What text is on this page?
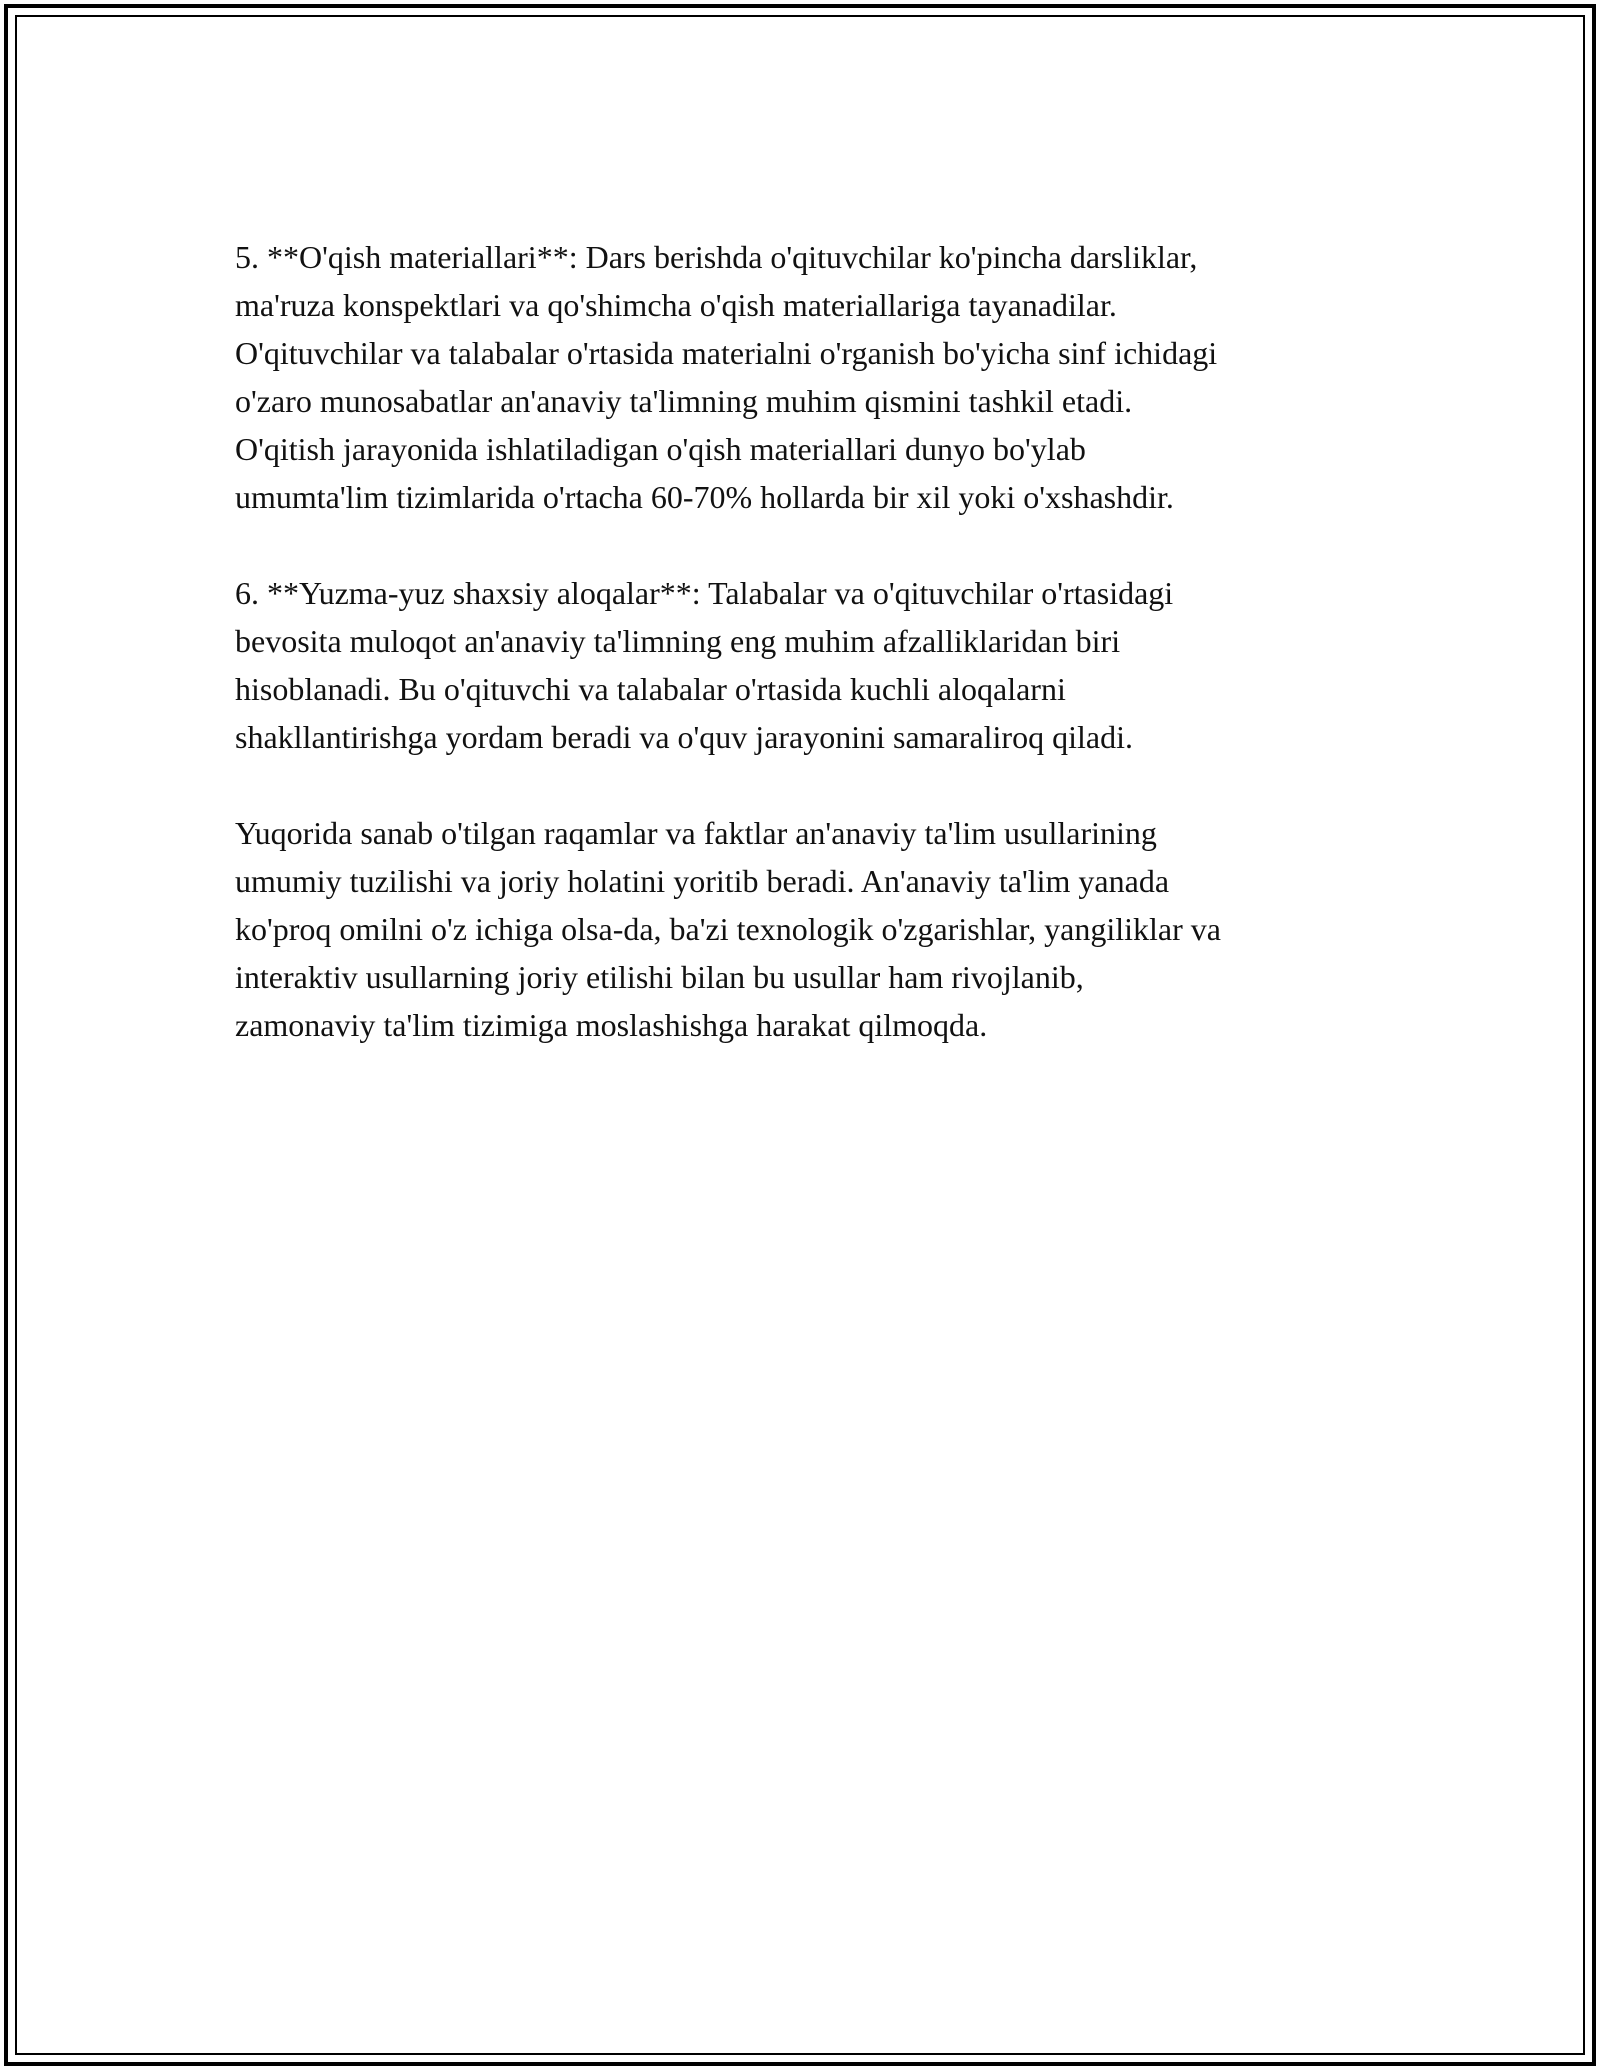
5. **O'qish materiallari**: Dars berishda o'qituvchilar ko'pincha darsliklar,
ma'ruza konspektlari va qo'shimcha o'qish materiallariga tayanadilar.
O'qituvchilar va talabalar o'rtasida materialni o'rganish bo'yicha sinf ichidagi
o'zaro munosabatlar an'anaviy ta'limning muhim qismini tashkil etadi.
O'qitish jarayonida ishlatiladigan o'qish materiallari dunyo bo'ylab
umumta'lim tizimlarida o'rtacha 60-70% hollarda bir xil yoki o'xshashdir.

6. **Yuzma-yuz shaxsiy aloqalar**: Talabalar va o'qituvchilar o'rtasidagi
bevosita muloqot an'anaviy ta'limning eng muhim afzalliklaridan biri
hisoblanadi. Bu o'qituvchi va talabalar o'rtasida kuchli aloqalarni
shakllantirishga yordam beradi va o'quv jarayonini samaraliroq qiladi.

Yuqorida sanab o'tilgan raqamlar va faktlar an'anaviy ta'lim usullarining
umumiy tuzilishi va joriy holatini yoritib beradi. An'anaviy ta'lim yanada
ko'proq omilni o'z ichiga olsa-da, ba'zi texnologik o'zgarishlar, yangiliklar va
interaktiv usullarning joriy etilishi bilan bu usullar ham rivojlanib,
zamonaviy ta'lim tizimiga moslashishga harakat qilmoqda.
